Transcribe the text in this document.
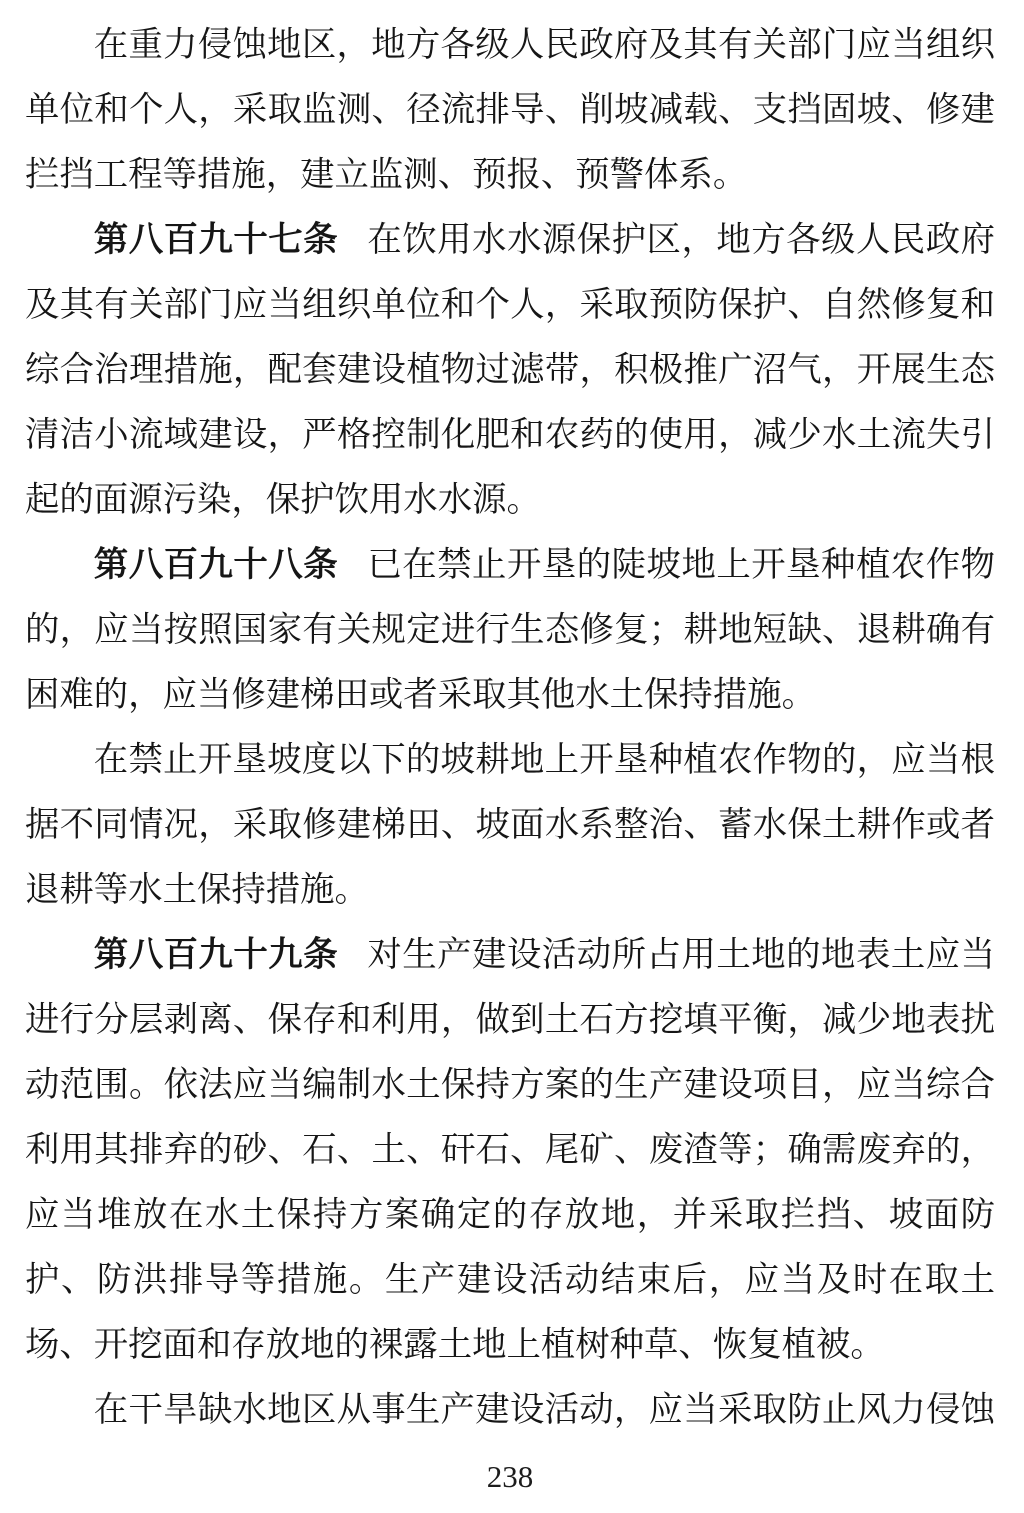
在重力侵蚀地区，地方各级人民政府及其有关部门应当组织单位和个人，采取监测、径流排导、削坡减载、支挡固坡、修建拦挡工程等措施，建立监测、预报、预警体系。

第八百九十七条 在饮用水水源保护区，地方各级人民政府及其有关部门应当组织单位和个人，采取预防保护、自然修复和综合治理措施，配套建设植物过滤带，积极推广沼气，开展生态清洁小流域建设，严格控制化肥和农药的使用，减少水土流失引起的面源污染，保护饮用水水源。

第八百九十八条 已在禁止开垦的陡坡地上开垦种植农作物的，应当按照国家有关规定进行生态修复；耕地短缺、退耕确有困难的，应当修建梯田或者采取其他水土保持措施。

在禁止开垦坡度以下的坡耕地上开垦种植农作物的，应当根据不同情况，采取修建梯田、坡面水系整治、蓄水保土耕作或者退耕等水土保持措施。

第八百九十九条 对生产建设活动所占用土地的地表土应当进行分层剥离、保存和利用，做到土石方挖填平衡，减少地表扰动范围。依法应当编制水土保持方案的生产建设项目，应当综合利用其排弃的砂、石、土、矸石、尾矿、废渣等；确需废弃的，应当堆放在水土保持方案确定的存放地，并采取拦挡、坡面防护、防洪排导等措施。生产建设活动结束后，应当及时在取土场、开挖面和存放地的裸露土地上植树种草、恢复植被。

在干旱缺水地区从事生产建设活动，应当采取防止风力侵蚀

238
